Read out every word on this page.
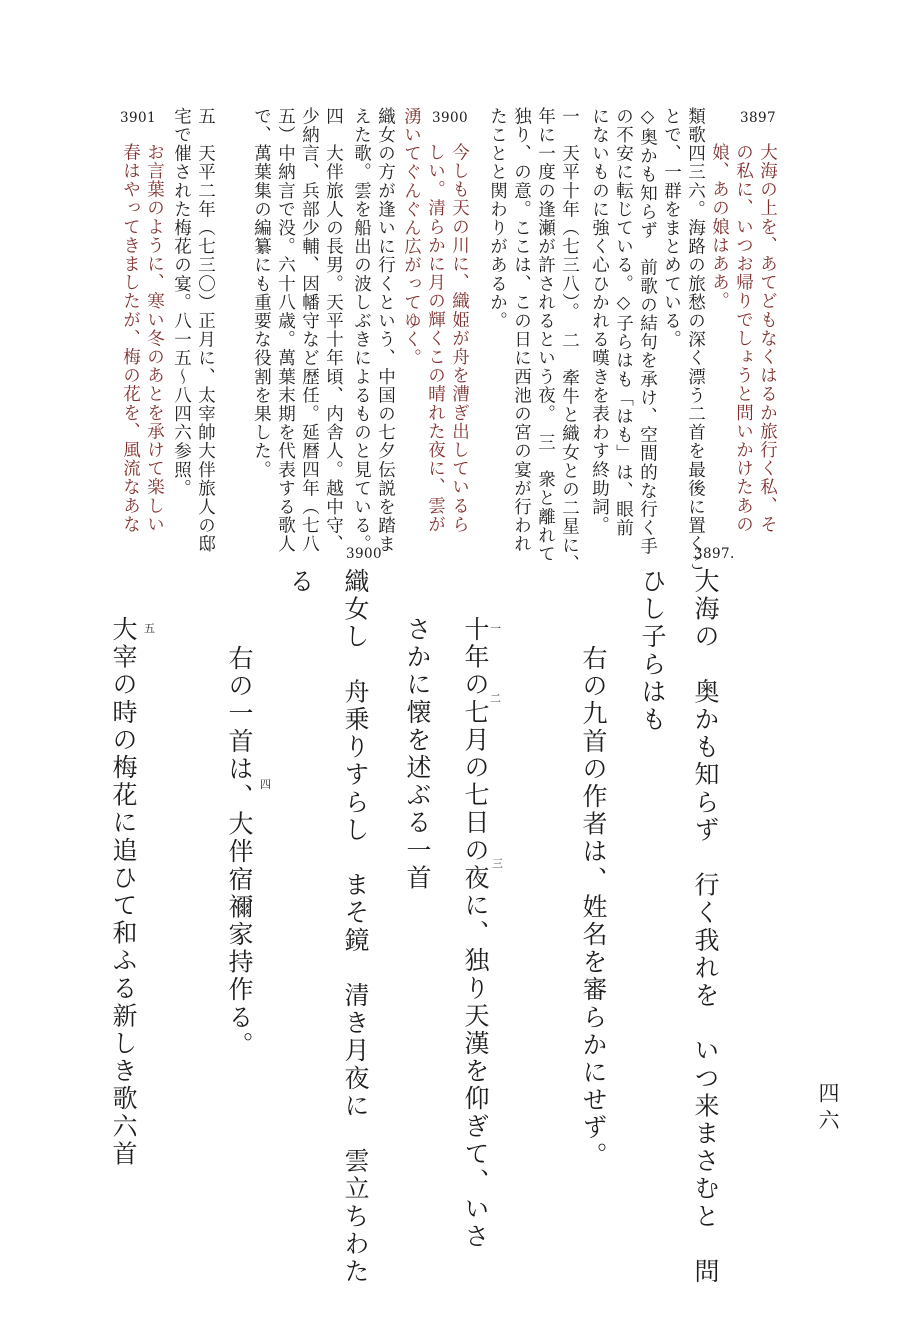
3897
3900
3901
大海の上を、あてどもなくはるか旅行く私、そ
の私に、いつお帰りでしょうと問いかけたあの
娘、あの娘はああ。
類歌四三六。海路の旅愁の深く漂う二首を最後に置くこ
とで、一群をまとめている。
◇奥かも知らず　前歌の結句を承け、空間的な行く手
の不安に転じている。◇子らはも「はも」は、眼前
にないものに強く心ひかれる嘆きを表わす終助詞。
一　天平十年（七三八）。　二　牽牛と織女との二星に、
年に一度の逢瀬が許されるという夜。　三　衆と離れて
独り、の意。ここは、この日に西池の宮の宴が行われ
たことと関わりがあるか。
今しも天の川に、織姫が舟を漕ぎ出しているら
しい。清らかに月の輝くこの晴れた夜に、雲が
湧いてぐんぐん広がってゆく。
織女の方が逢いに行くという、中国の七夕伝説を踏ま
えた歌。雲を船出の波しぶきによるものと見ている。
四　大伴旅人の長男。天平十年頃、内舎人。越中守、
少納言、兵部少輔、因幡守など歴任。延暦四年（七八
五）中納言で没。六十八歳。萬葉末期を代表する歌人
で、萬葉集の編纂にも重要な役割を果した。
五　天平二年（七三〇）正月に、太宰帥大伴旅人の邸
宅で催された梅花の宴。八一五～八四六参照。
お言葉のように、寒い冬のあとを承けて楽しい
春はやってきましたが、梅の花を、風流なあな
3897.
3900
大海の　奥かも知らず　行く我れを　いつ来まさむと　問
ひし子らはも
右の九首の作者は、姓名を審らかにせず。
十年の七月の七日の夜に、独り天漢を仰ぎて、いさ
さかに懐を述ぶる一首
織女し　舟乗りすらし　まそ鏡　清き月夜に　雲立ちわた
る
右の一首は、大伴宿禰家持作る。
大宰の時の梅花に追ひて和ふる新しき歌六首	一
二
三
四
五
四六
